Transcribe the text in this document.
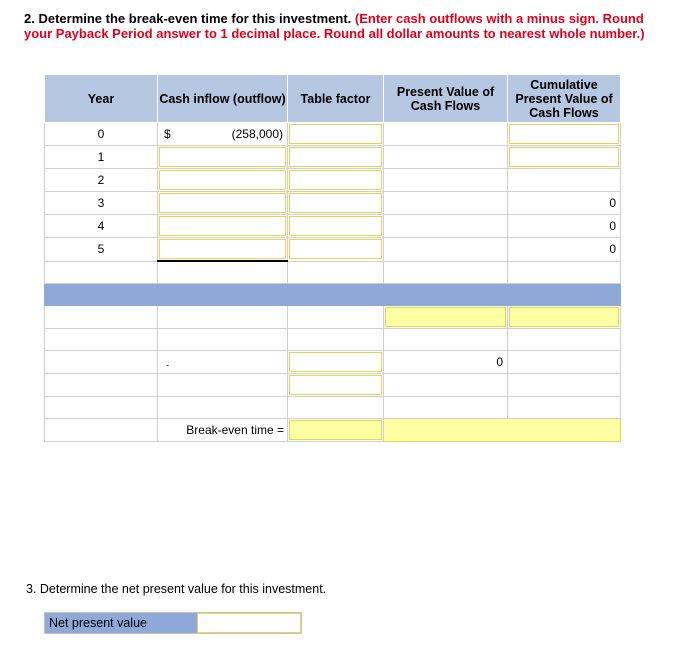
2. Determine the break-even time for this investment. (Enter cash outflows with a minus sign. Round your Payback Period answer to 1 decimal place. Round all dollar amounts to nearest whole number.)
Year	Cash inflow (outflow)	Table factor	Present Value of Cash Flows	Cumulative Present Value of Cash Flows
0	$ (258,000)			

1	

2	

3				0
4				0
5				0

	-		0	

	Break-even time =		

3. Determine the net present value for this investment.
Net present value
